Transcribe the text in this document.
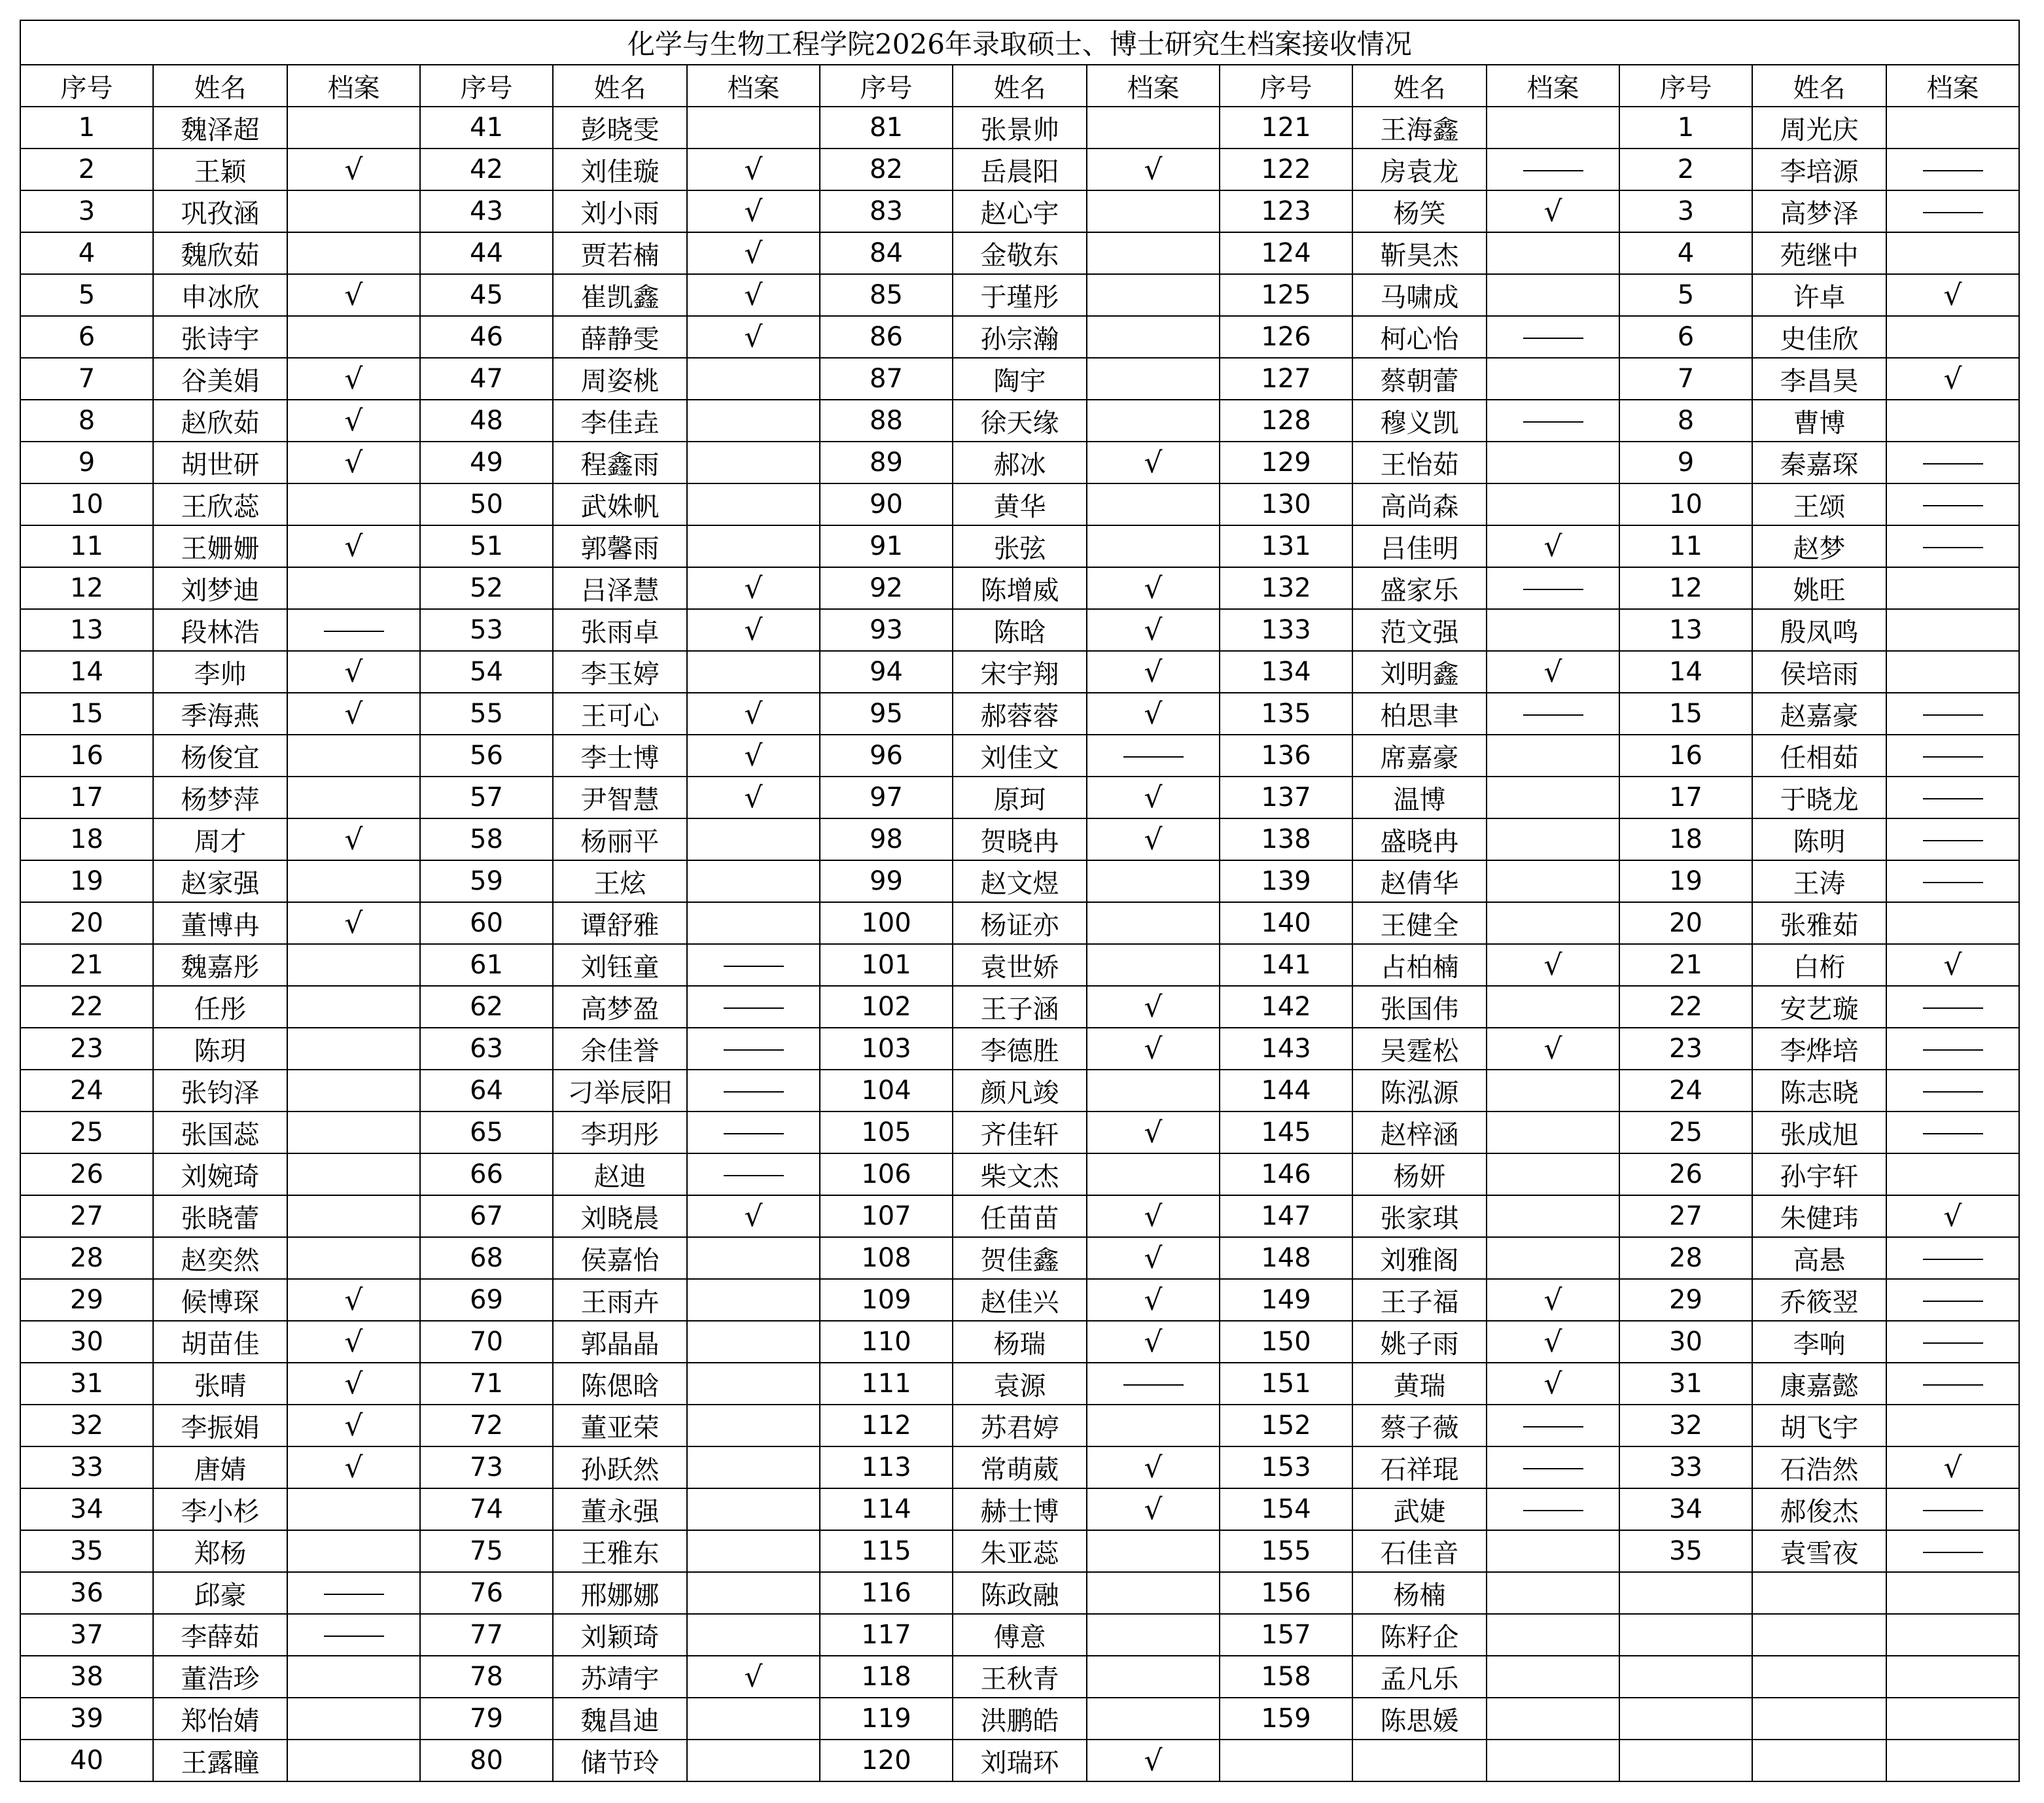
化学与生物工程学院2026年录取硕士、博士研究生档案接收情况														
序号	姓名	档案	序号	姓名	档案	序号	姓名	档案	序号	姓名	档案	序号	姓名	档案
1	魏泽超		41	彭晓雯		81	张景帅		121	王海鑫		1	周光庆	
2	王颖	√	42	刘佳璇	√	82	岳晨阳	√	122	房袁龙		2	李培源	
3	巩孜涵		43	刘小雨	√	83	赵心宇		123	杨笑	√	3	高梦泽	
4	魏欣茹		44	贾若楠	√	84	金敬东		124	靳昊杰		4	苑继中	
5	申冰欣	√	45	崔凯鑫	√	85	于瑾彤		125	马啸成		5	许卓	√
6	张诗宇		46	薛静雯	√	86	孙宗瀚		126	柯心怡		6	史佳欣	
7	谷美娟	√	47	周姿桃		87	陶宇		127	蔡朝蕾		7	李昌昊	√
8	赵欣茹	√	48	李佳垚		88	徐天缘		128	穆义凯		8	曹博	
9	胡世研	√	49	程鑫雨		89	郝冰	√	129	王怡茹		9	秦嘉琛	
10	王欣蕊		50	武姝帆		90	黄华		130	高尚森		10	王颂	
11	王姗姗	√	51	郭馨雨		91	张弦		131	吕佳明	√	11	赵梦	
12	刘梦迪		52	吕泽慧	√	92	陈增威	√	132	盛家乐		12	姚旺	
13	段林浩		53	张雨卓	√	93	陈晗	√	133	范文强		13	殷凤鸣	
14	李帅	√	54	李玉婷		94	宋宇翔	√	134	刘明鑫	√	14	侯培雨	
15	季海燕	√	55	王可心	√	95	郝蓉蓉	√	135	柏思聿		15	赵嘉豪	
16	杨俊宜		56	李士博	√	96	刘佳文		136	席嘉豪		16	任相茹	
17	杨梦萍		57	尹智慧	√	97	原珂	√	137	温博		17	于晓龙	
18	周才	√	58	杨丽平		98	贺晓冉	√	138	盛晓冉		18	陈明	
19	赵家强		59	王炫		99	赵文煜		139	赵倩华		19	王涛	
20	董博冉	√	60	谭舒雅		100	杨证亦		140	王健全		20	张雅茹	
21	魏嘉彤		61	刘钰童		101	袁世娇		141	占柏楠	√	21	白桁	√
22	任彤		62	高梦盈		102	王子涵	√	142	张国伟		22	安艺璇	
23	陈玥		63	余佳誉		103	李德胜	√	143	吴霆松	√	23	李烨培	
24	张钧泽		64	刁举辰阳		104	颜凡竣		144	陈泓源		24	陈志晓	
25	张国蕊		65	李玥彤		105	齐佳轩	√	145	赵梓涵		25	张成旭	
26	刘婉琦		66	赵迪		106	柴文杰		146	杨妍		26	孙宇轩	
27	张晓蕾		67	刘晓晨	√	107	任苗苗	√	147	张家琪		27	朱健玮	√
28	赵奕然		68	侯嘉怡		108	贺佳鑫	√	148	刘雅阁		28	高悬	
29	候博琛	√	69	王雨卉		109	赵佳兴	√	149	王子福	√	29	乔筱翌	
30	胡苗佳	√	70	郭晶晶		110	杨瑞	√	150	姚子雨	√	30	李响	
31	张晴	√	71	陈偲晗		111	袁源		151	黄瑞	√	31	康嘉懿	
32	李振娟	√	72	董亚荣		112	苏君婷		152	蔡子薇		32	胡飞宇	
33	唐婧	√	73	孙跃然		113	常萌葳	√	153	石祥琨		33	石浩然	√
34	李小杉		74	董永强		114	赫士博	√	154	武婕		34	郝俊杰	
35	郑杨		75	王雅东		115	朱亚蕊		155	石佳音		35	袁雪夜	
36	邱豪		76	邢娜娜		116	陈政融		156	杨楠				
37	李薛茹		77	刘颖琦		117	傅意		157	陈籽企				
38	董浩珍		78	苏靖宇	√	118	王秋青		158	孟凡乐				
39	郑怡婧		79	魏昌迪		119	洪鹏皓		159	陈思媛				
40	王露瞳		80	储节玲		120	刘瑞环	√						
